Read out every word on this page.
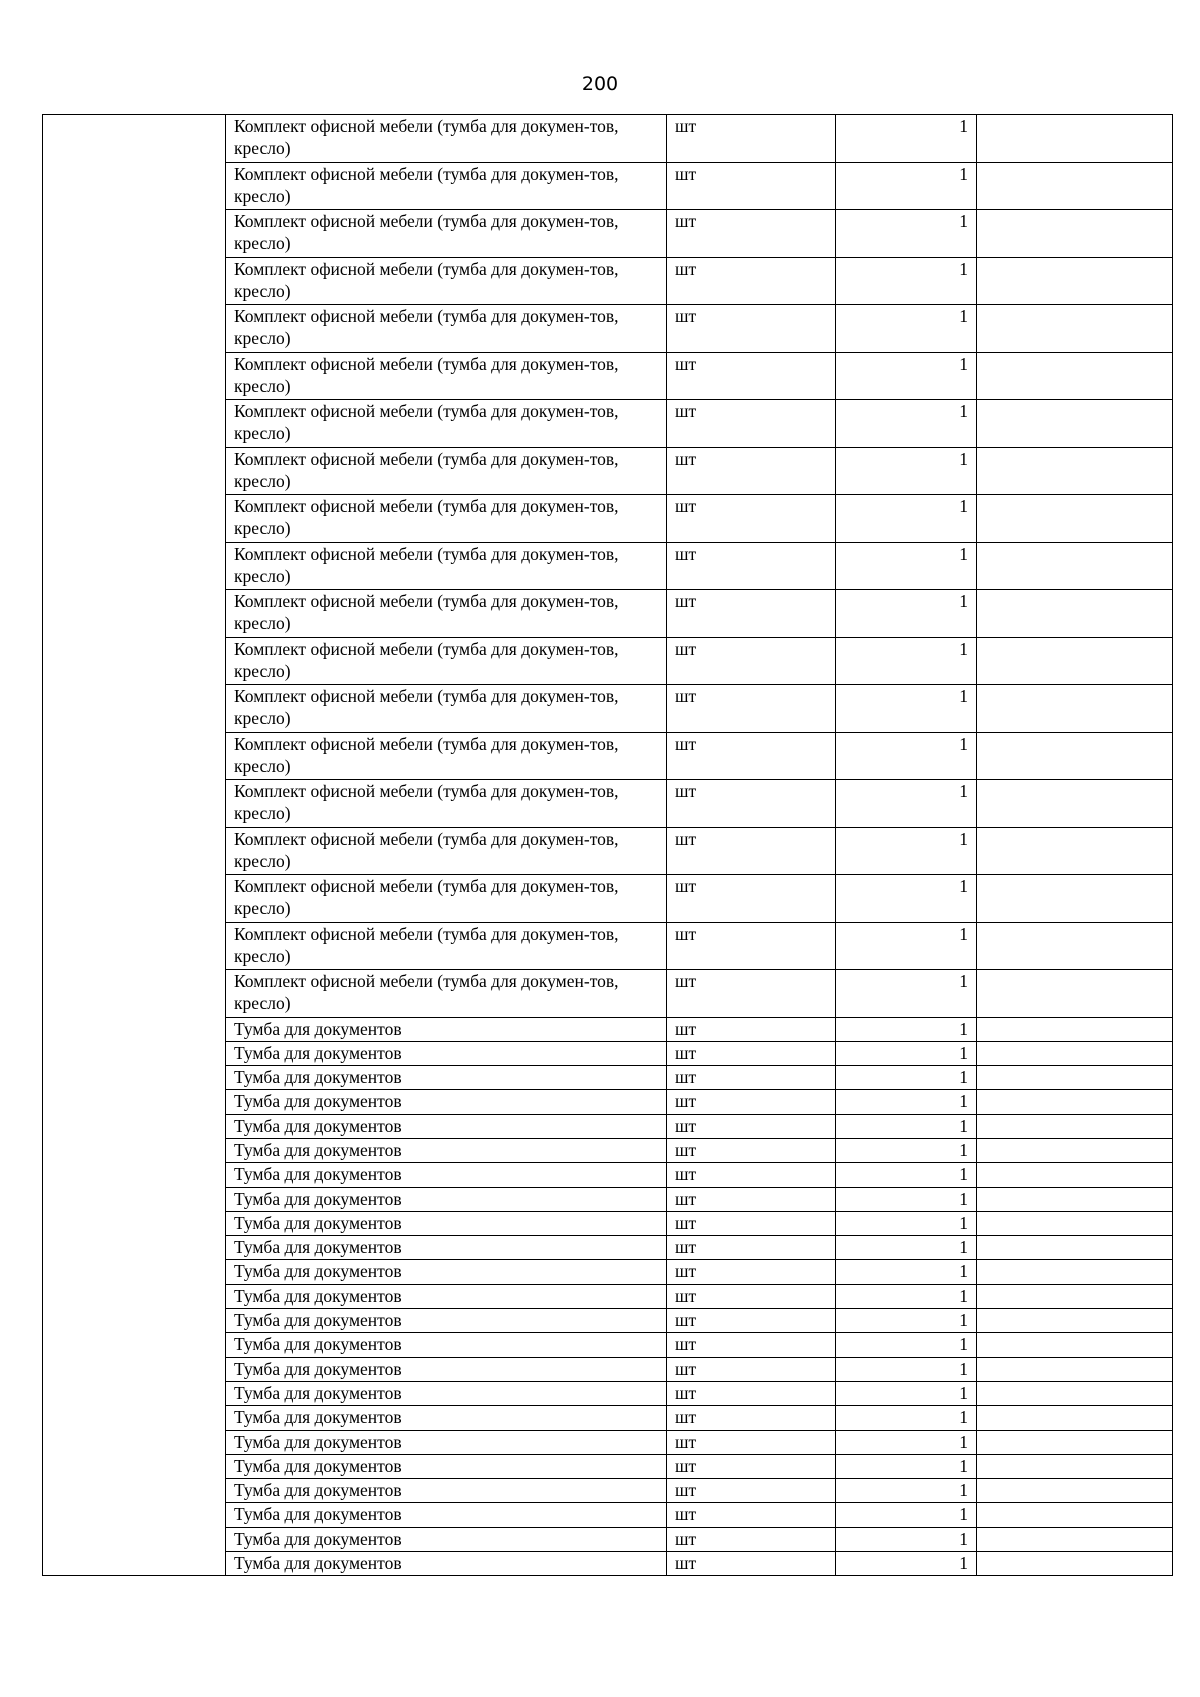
200
	Комплект офисной мебели (тумба для докумен-тов, кресло)	шт	1	
	Комплект офисной мебели (тумба для докумен-тов, кресло)	шт	1	
	Комплект офисной мебели (тумба для докумен-тов, кресло)	шт	1	
	Комплект офисной мебели (тумба для докумен-тов, кресло)	шт	1	
	Комплект офисной мебели (тумба для докумен-тов, кресло)	шт	1	
	Комплект офисной мебели (тумба для докумен-тов, кресло)	шт	1	
	Комплект офисной мебели (тумба для докумен-тов, кресло)	шт	1	
	Комплект офисной мебели (тумба для докумен-тов, кресло)	шт	1	
	Комплект офисной мебели (тумба для докумен-тов, кресло)	шт	1	
	Комплект офисной мебели (тумба для докумен-тов, кресло)	шт	1	
	Комплект офисной мебели (тумба для докумен-тов, кресло)	шт	1	
	Комплект офисной мебели (тумба для докумен-тов, кресло)	шт	1	
	Комплект офисной мебели (тумба для докумен-тов, кресло)	шт	1	
	Комплект офисной мебели (тумба для докумен-тов, кресло)	шт	1	
	Комплект офисной мебели (тумба для докумен-тов, кресло)	шт	1	
	Комплект офисной мебели (тумба для докумен-тов, кресло)	шт	1	
	Комплект офисной мебели (тумба для докумен-тов, кресло)	шт	1	
	Комплект офисной мебели (тумба для докумен-тов, кресло)	шт	1	
	Комплект офисной мебели (тумба для докумен-тов, кресло)	шт	1	
	Тумба для документов	шт	1	
	Тумба для документов	шт	1	
	Тумба для документов	шт	1	
	Тумба для документов	шт	1	
	Тумба для документов	шт	1	
	Тумба для документов	шт	1	
	Тумба для документов	шт	1	
	Тумба для документов	шт	1	
	Тумба для документов	шт	1	
	Тумба для документов	шт	1	
	Тумба для документов	шт	1	
	Тумба для документов	шт	1	
	Тумба для документов	шт	1	
	Тумба для документов	шт	1	
	Тумба для документов	шт	1	
	Тумба для документов	шт	1	
	Тумба для документов	шт	1	
	Тумба для документов	шт	1	
	Тумба для документов	шт	1	
	Тумба для документов	шт	1	
	Тумба для документов	шт	1	
	Тумба для документов	шт	1	
	Тумба для документов	шт	1	
